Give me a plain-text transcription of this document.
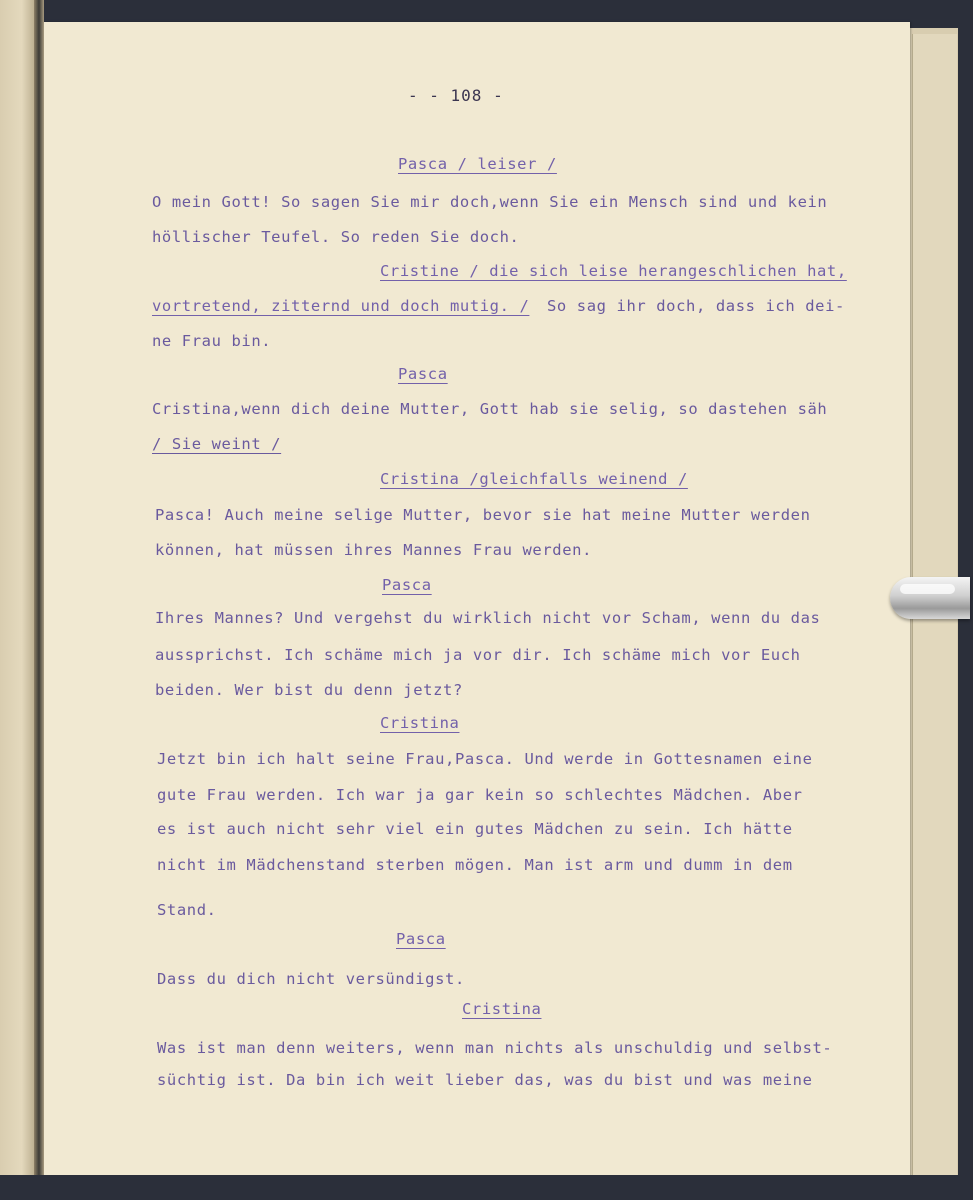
- - 108 -
Pasca / leiser /
O mein Gott! So sagen Sie mir doch,wenn Sie ein Mensch sind und kein
höllischer Teufel. So reden Sie doch.
Cristine / die sich leise herangeschlichen hat,
vortretend, zitternd und doch mutig. / So sag ihr doch, dass ich dei-
ne Frau bin.
Pasca
Cristina,wenn dich deine Mutter, Gott hab sie selig, so dastehen säh
/ Sie weint /
Cristina /gleichfalls weinend /
Pasca! Auch meine selige Mutter, bevor sie hat meine Mutter werden
können, hat müssen ihres Mannes Frau werden.
Pasca
Ihres Mannes? Und vergehst du wirklich nicht vor Scham, wenn du das
aussprichst. Ich schäme mich ja vor dir. Ich schäme mich vor Euch
beiden. Wer bist du denn jetzt?
Cristina
Jetzt bin ich halt seine Frau,Pasca. Und werde in Gottesnamen eine
gute Frau werden. Ich war ja gar kein so schlechtes Mädchen. Aber
es ist auch nicht sehr viel ein gutes Mädchen zu sein. Ich hätte
nicht im Mädchenstand sterben mögen. Man ist arm und dumm in dem
Stand.
Pasca
Dass du dich nicht versündigst.
Cristina
Was ist man denn weiters, wenn man nichts als unschuldig und selbst-
süchtig ist. Da bin ich weit lieber das, was du bist und was meine
